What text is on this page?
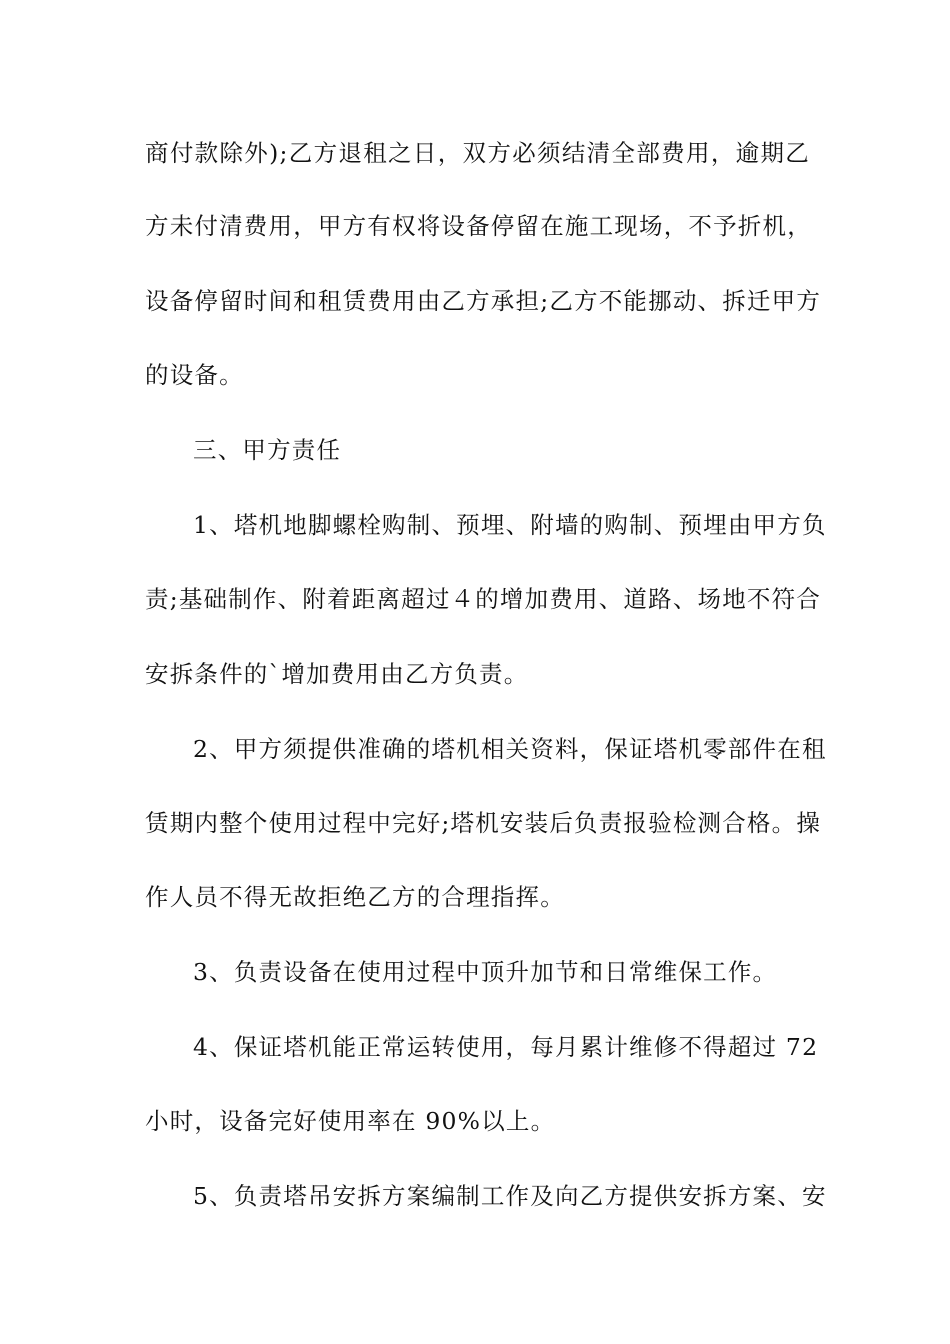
商付款除外);乙方退租之日，双方必须结清全部费用，逾期乙
方未付清费用，甲方有权将设备停留在施工现场，不予折机，
设备停留时间和租赁费用由乙方承担;乙方不能挪动、拆迁甲方
的设备。
三、甲方责任
1、塔机地脚螺栓购制、预埋、附墙的购制、预埋由甲方负
责;基础制作、附着距离超过４的增加费用、道路、场地不符合
安拆条件的`增加费用由乙方负责。
2、甲方须提供准确的塔机相关资料，保证塔机零部件在租
赁期内整个使用过程中完好;塔机安装后负责报验检测合格。操
作人员不得无故拒绝乙方的合理指挥。
3、负责设备在使用过程中顶升加节和日常维保工作。
4、保证塔机能正常运转使用，每月累计维修不得超过 72
小时，设备完好使用率在 90%以上。
5、负责塔吊安拆方案编制工作及向乙方提供安拆方案、安
